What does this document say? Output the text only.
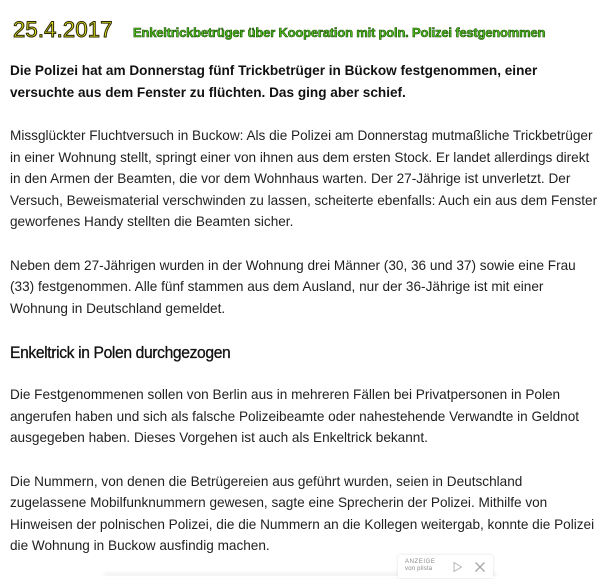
25.4.2017 Enkeltrickbetrüger über Kooperation mit poln. Polizei festgenommen

Die Polizei hat am Donnerstag fünf Trickbetrüger in Bückow festgenommen, einer versuchte aus dem Fenster zu flüchten. Das ging aber schief.

Missglückter Fluchtversuch in Buckow: Als die Polizei am Donnerstag mutmaßliche Trickbetrüger in einer Wohnung stellt, springt einer von ihnen aus dem ersten Stock. Er landet allerdings direkt in den Armen der Beamten, die vor dem Wohnhaus warten. Der 27-Jährige ist unverletzt. Der Versuch, Beweismaterial verschwinden zu lassen, scheiterte ebenfalls: Auch ein aus dem Fenster geworfenes Handy stellten die Beamten sicher.

Neben dem 27-Jährigen wurden in der Wohnung drei Männer (30, 36 und 37) sowie eine Frau (33) festgenommen. Alle fünf stammen aus dem Ausland, nur der 36-Jährige ist mit einer Wohnung in Deutschland gemeldet.

Enkeltrick in Polen durchgezogen

Die Festgenommenen sollen von Berlin aus in mehreren Fällen bei Privatpersonen in Polen angerufen haben und sich als falsche Polizeibeamte oder nahestehende Verwandte in Geldnot ausgegeben haben. Dieses Vorgehen ist auch als Enkeltrick bekannt.

Die Nummern, von denen die Betrügereien aus geführt wurden, seien in Deutschland zugelassene Mobilfunknummern gewesen, sagte eine Sprecherin der Polizei. Mithilfe von Hinweisen der polnischen Polizei, die die Nummern an die Kollegen weitergab, konnte die Polizei die Wohnung in Buckow ausfindig machen.

ANZEIGE
von plista
